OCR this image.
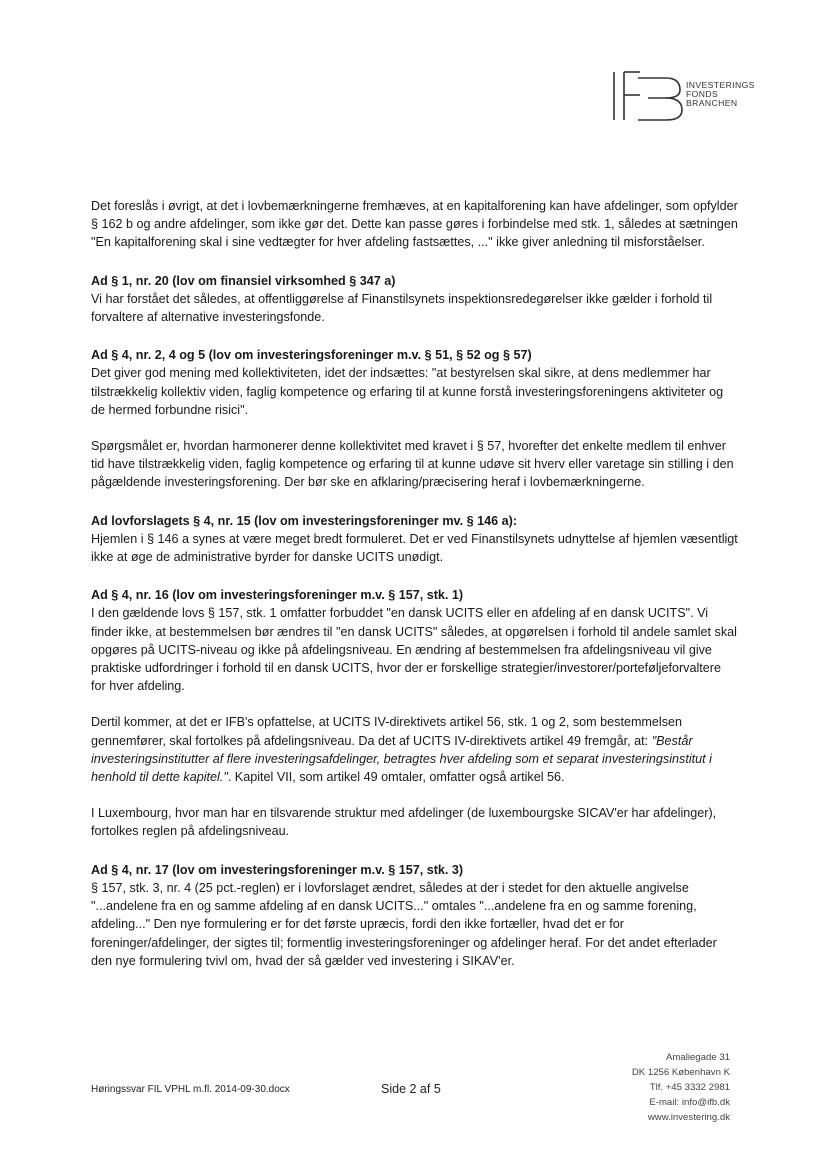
INVESTERINGS
FONDS
BRANCHEN

Det foreslås i øvrigt, at det i lovbemærkningerne fremhæves, at en kapitalforening kan have afdelinger, som opfylder § 162 b og andre afdelinger, som ikke gør det. Dette kan passe gøres i forbindelse med stk. 1, således at sætningen "En kapitalforening skal i sine vedtægter for hver afdeling fastsættes, ..." ikke giver anledning til misforståelser.

Ad § 1, nr. 20 (lov om finansiel virksomhed § 347 a)

Vi har forstået det således, at offentliggørelse af Finanstilsynets inspektionsredegørelser ikke gælder i forhold til forvaltere af alternative investeringsfonde.

Ad § 4, nr. 2, 4 og 5 (lov om investeringsforeninger m.v. § 51, § 52 og § 57)

Det giver god mening med kollektiviteten, idet der indsættes: "at bestyrelsen skal sikre, at dens medlemmer har tilstrækkelig kollektiv viden, faglig kompetence og erfaring til at kunne forstå investeringsforeningens aktiviteter og de hermed forbundne risici".

Spørgsmålet er, hvordan harmonerer denne kollektivitet med kravet i § 57, hvorefter det enkelte medlem til enhver tid have tilstrækkelig viden, faglig kompetence og erfaring til at kunne udøve sit hverv eller varetage sin stilling i den pågældende investeringsforening. Der bør ske en afklaring/præcisering heraf i lovbemærkningerne.

Ad lovforslagets § 4, nr. 15 (lov om investeringsforeninger mv. § 146 a):

Hjemlen i § 146 a synes at være meget bredt formuleret. Det er ved Finanstilsynets udnyttelse af hjemlen væsentligt ikke at øge de administrative byrder for danske UCITS unødigt.

Ad § 4, nr. 16 (lov om investeringsforeninger m.v. § 157, stk. 1)

I den gældende lovs § 157, stk. 1 omfatter forbuddet "en dansk UCITS eller en afdeling af en dansk UCITS". Vi finder ikke, at bestemmelsen bør ændres til "en dansk UCITS" således, at opgørelsen i forhold til andele samlet skal opgøres på UCITS-niveau og ikke på afdelingsniveau. En ændring af bestemmelsen fra afdelingsniveau vil give praktiske udfordringer i forhold til en dansk UCITS, hvor der er forskellige strategier/investorer/porteføljeforvaltere for hver afdeling.

Dertil kommer, at det er IFB's opfattelse, at UCITS IV-direktivets artikel 56, stk. 1 og 2, som bestemmelsen gennemfører, skal fortolkes på afdelingsniveau. Da det af UCITS IV-direktivets artikel 49 fremgår, at: "Består investeringsinstitutter af flere investeringsafdelinger, betragtes hver afdeling som et separat investeringsinstitut i henhold til dette kapitel.". Kapitel VII, som artikel 49 omtaler, omfatter også artikel 56.

I Luxembourg, hvor man har en tilsvarende struktur med afdelinger (de luxembourgske SICAV'er har afdelinger), fortolkes reglen på afdelingsniveau.

Ad § 4, nr. 17 (lov om investeringsforeninger m.v. § 157, stk. 3)

§ 157, stk. 3, nr. 4 (25 pct.-reglen) er i lovforslaget ændret, således at der i stedet for den aktuelle angivelse "...andelene fra en og samme afdeling af en dansk UCITS..." omtales "...andelene fra en og samme forening, afdeling..." Den nye formulering er for det første upræcis, fordi den ikke fortæller, hvad det er for foreninger/afdelinger, der sigtes til; formentlig investeringsforeninger og afdelinger heraf. For det andet efterlader den nye formulering tvivl om, hvad der så gælder ved investering i SIKAV'er.

Høringssvar FIL VPHL m.fl. 2014-09-30.docx	Side 2 af 5
Amaliegade 31
DK 1256 København K
Tlf. +45 3332 2981
E-mail: info@ifb.dk
www.investering.dk
